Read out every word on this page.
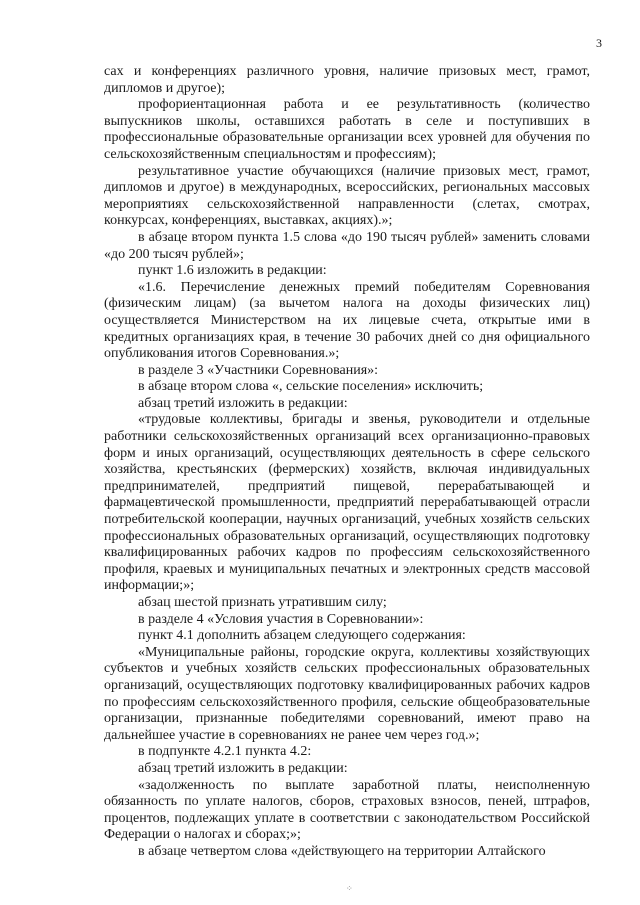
3

сах и конференциях различного уровня, наличие призовых мест, грамот, дипломов и другое);

профориентационная работа и ее результативность (количество выпускников школы, оставшихся работать в селе и поступивших в профессиональные образовательные организации всех уровней для обучения по сельскохозяйственным специальностям и профессиям);

результативное участие обучающихся (наличие призовых мест, грамот, дипломов и другое) в международных, всероссийских, региональных массовых мероприятиях сельскохозяйственной направленности (слетах, смотрах, конкурсах, конференциях, выставках, акциях).»;

в абзаце втором пункта 1.5 слова «до 190 тысяч рублей» заменить словами «до 200 тысяч рублей»;

пункт 1.6 изложить в редакции:

«1.6. Перечисление денежных премий победителям Соревнования (физическим лицам) (за вычетом налога на доходы физических лиц) осуществляется Министерством на их лицевые счета, открытые ими в кредитных организациях края, в течение 30 рабочих дней со дня официального опубликования итогов Соревнования.»;

в разделе 3 «Участники Соревнования»:

в абзаце втором слова «, сельские поселения» исключить;

абзац третий изложить в редакции:

«трудовые коллективы, бригады и звенья, руководители и отдельные работники сельскохозяйственных организаций всех организационно-правовых форм и иных организаций, осуществляющих деятельность в сфере сельского хозяйства, крестьянских (фермерских) хозяйств, включая индивидуальных предпринимателей, предприятий пищевой, перерабатывающей и фармацевтической промышленности, предприятий перерабатывающей отрасли потребительской кооперации, научных организаций, учебных хозяйств сельских профессиональных образовательных организаций, осуществляющих подготовку квалифицированных рабочих кадров по профессиям сельскохозяйственного профиля, краевых и муниципальных печатных и электронных средств массовой информации;»;

абзац шестой признать утратившим силу;

в разделе 4 «Условия участия в Соревновании»:

пункт 4.1 дополнить абзацем следующего содержания:

«Муниципальные районы, городские округа, коллективы хозяйствующих субъектов и учебных хозяйств сельских профессиональных образовательных организаций, осуществляющих подготовку квалифицированных рабочих кадров по профессиям сельскохозяйственного профиля, сельские общеобразовательные организации, признанные победителями соревнований, имеют право на дальнейшее участие в соревнованиях не ранее чем через год.»;

в подпункте 4.2.1 пункта 4.2:

абзац третий изложить в редакции:

«задолженность по выплате заработной платы, неисполненную обязанность по уплате налогов, сборов, страховых взносов, пеней, штрафов, процентов, подлежащих уплате в соответствии с законодательством Российской Федерации о налогах и сборах;»;

в абзаце четвертом слова «действующего на территории Алтайского

⁘
